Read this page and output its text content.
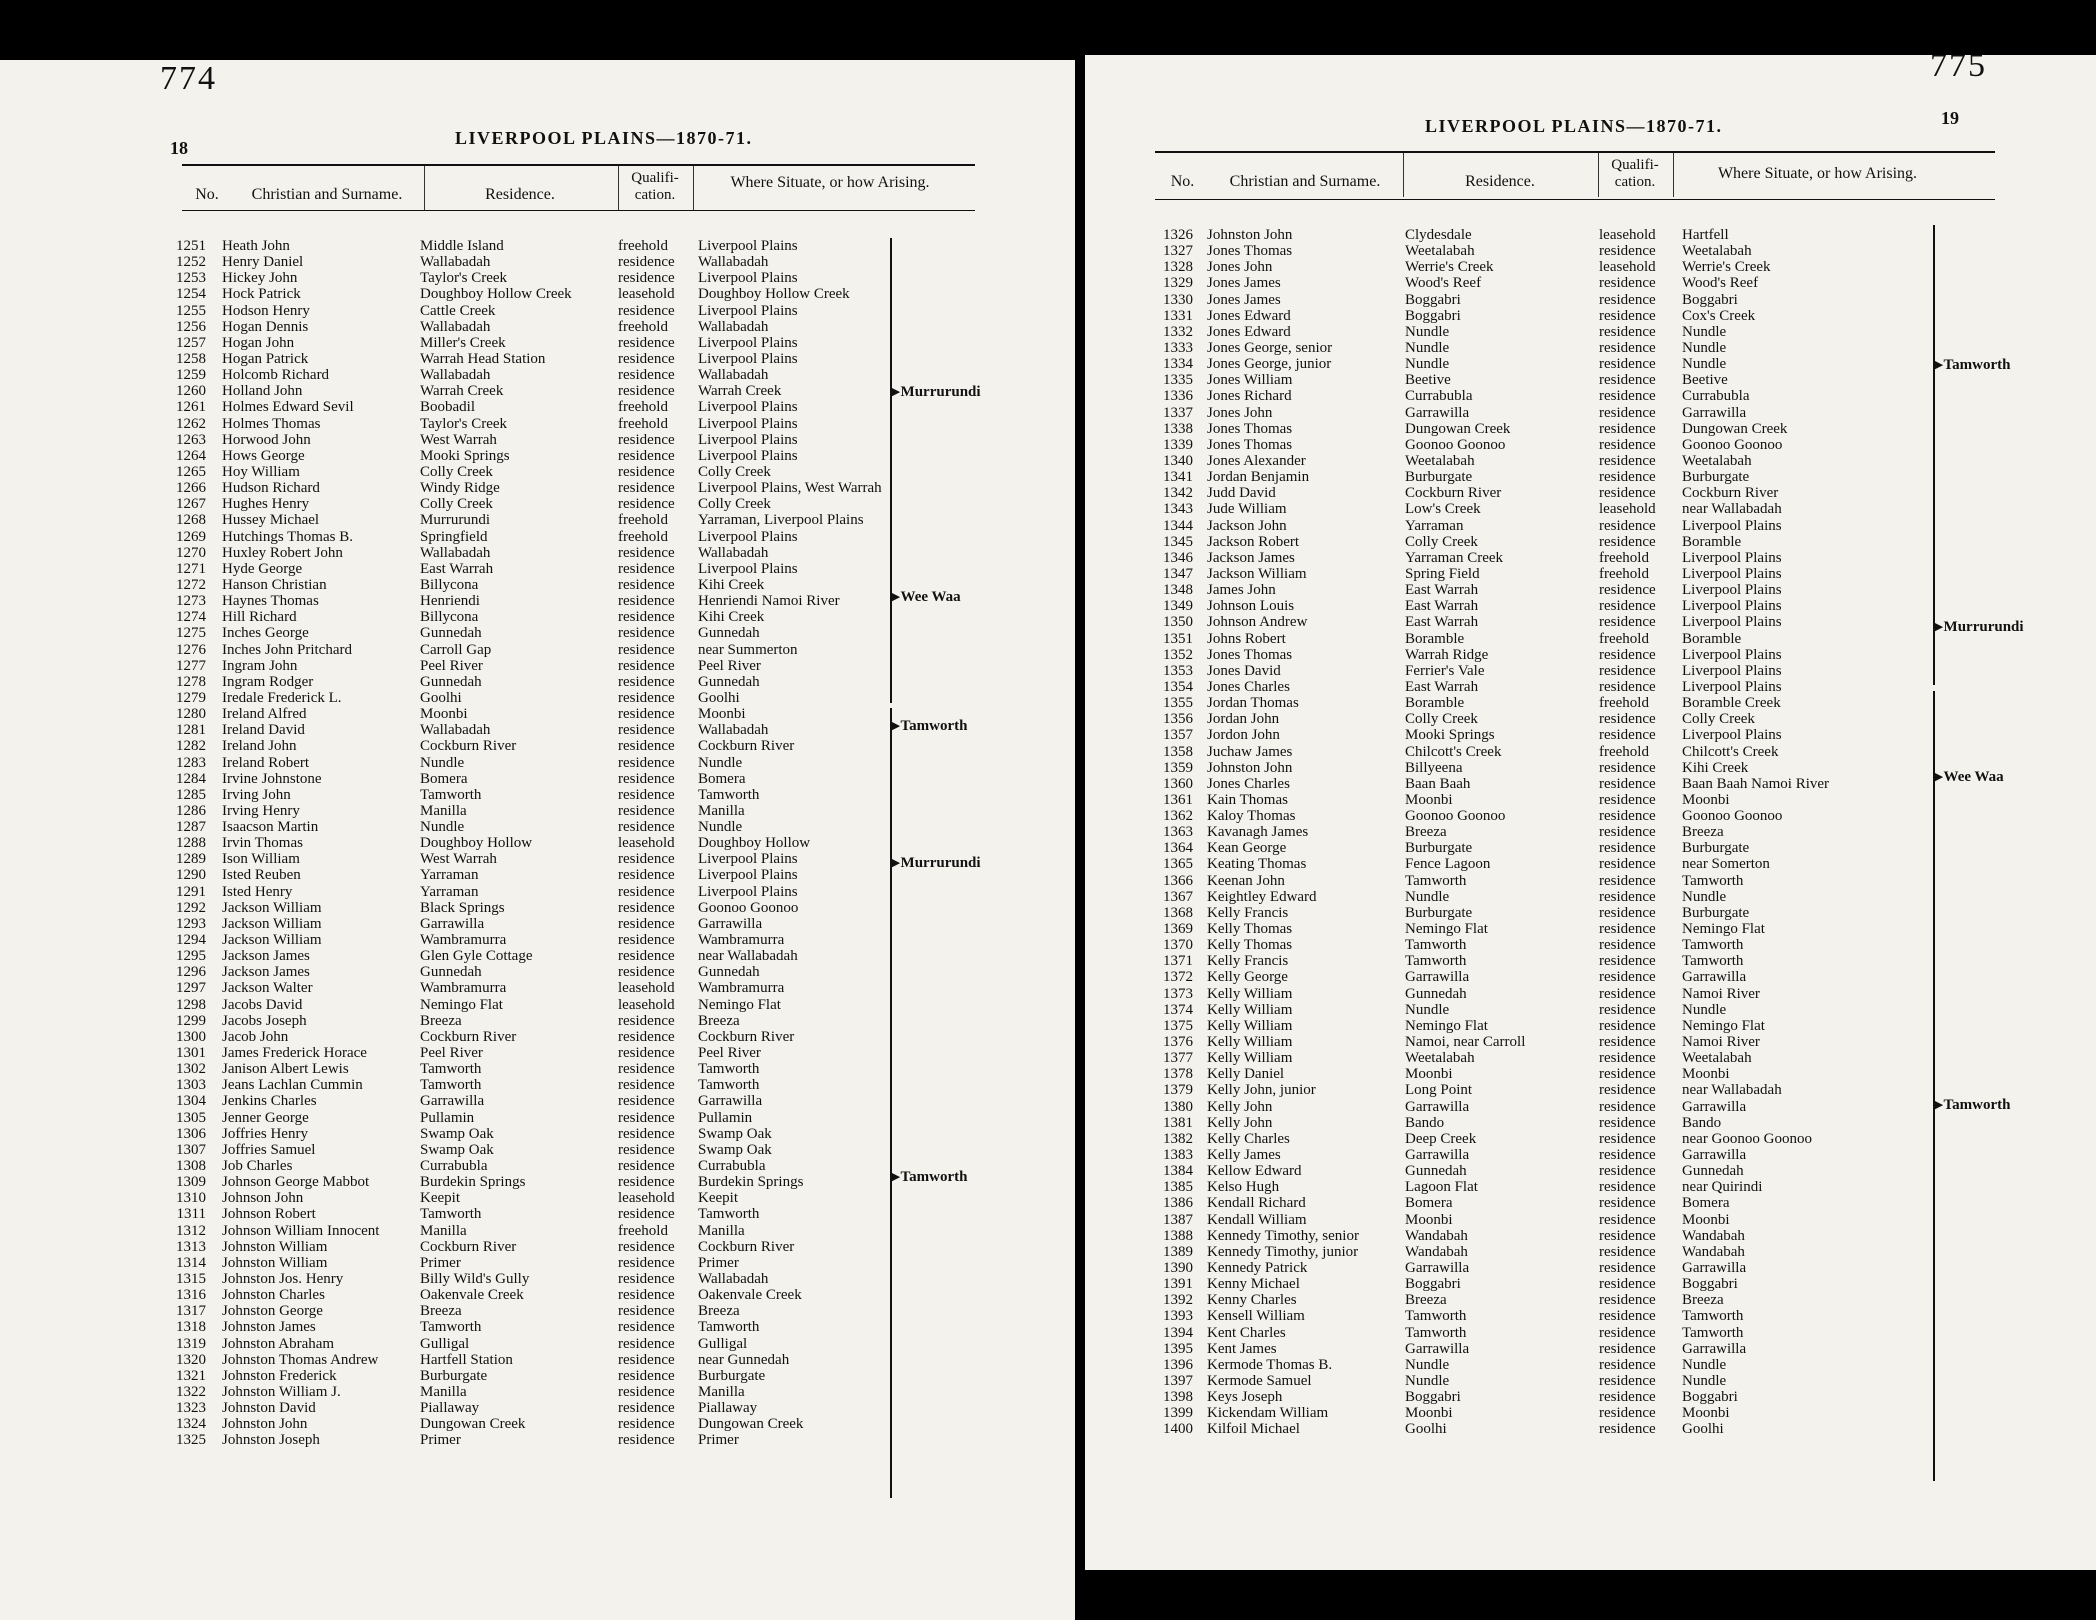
774
18	LIVERPOOL PLAINS—1870-71.
No.	Christian and Surname.	Residence.
Qualifi-cation.
Where Situate, or how Arising.
1251 Heath John	Middle Island	freehold Liverpool Plains
1252 Henry Daniel	Wallabadah	residence Wallabadah
1253 Hickey John	Taylor's Creek	residence Liverpool Plains
1254 Hock Patrick	Doughboy Hollow Creek	leasehold Doughboy Hollow Creek
1255 Hodson Henry	Cattle Creek	residence Liverpool Plains
1256 Hogan Dennis	Wallabadah	freehold Wallabadah
1257 Hogan John	Miller's Creek	residence Liverpool Plains
1258 Hogan Patrick	Warrah Head Station	residence Liverpool Plains
1259 Holcomb Richard	Wallabadah	residence Wallabadah
1260 Holland John	Warrah Creek	residence Warrah Creek
1261 Holmes Edward Sevil	Boobadil	freehold Liverpool Plains
1262 Holmes Thomas	Taylor's Creek	freehold Liverpool Plains
1263 Horwood John	West Warrah	residence Liverpool Plains
1264 Hows George	Mooki Springs	residence Liverpool Plains
1265 Hoy William	Colly Creek	residence Colly Creek
1266 Hudson Richard	Windy Ridge	residence Liverpool Plains, West Warrah
1267 Hughes Henry	Colly Creek	residence Colly Creek
1268 Hussey Michael	Murrurundi	freehold Yarraman, Liverpool Plains
1269 Hutchings Thomas B.	Springfield	freehold Liverpool Plains
1270 Huxley Robert John	Wallabadah	residence Wallabadah
1271 Hyde George	East Warrah	residence Liverpool Plains
1272 Hanson Christian	Billycona	residence Kihi Creek
1273 Haynes Thomas	Henriendi	residence Henriendi Namoi River
1274 Hill Richard	Billycona	residence Kihi Creek
1275 Inches George	Gunnedah	residence Gunnedah
1276 Inches John Pritchard	Carroll Gap	residence near Summerton
1277 Ingram John	Peel River	residence Peel River
1278 Ingram Rodger	Gunnedah	residence Gunnedah
1279 Iredale Frederick L.	Goolhi	residence Goolhi
1280 Ireland Alfred	Moonbi	residence Moonbi
1281 Ireland David	Wallabadah	residence Wallabadah
1282 Ireland John	Cockburn River	residence Cockburn River
1283 Ireland Robert	Nundle	residence Nundle
1284 Irvine Johnstone	Bomera	residence Bomera
1285 Irving John	Tamworth	residence Tamworth
1286 Irving Henry	Manilla	residence Manilla
1287 Isaacson Martin	Nundle	residence Nundle
1288 Irvin Thomas	Doughboy Hollow	leasehold Doughboy Hollow
1289 Ison William	West Warrah	residence Liverpool Plains
1290 Isted Reuben	Yarraman	residence Liverpool Plains
1291 Isted Henry	Yarraman	residence Liverpool Plains
1292 Jackson William	Black Springs	residence Goonoo Goonoo
1293 Jackson William	Garrawilla	residence Garrawilla
1294 Jackson William	Wambramurra	residence Wambramurra
1295 Jackson James	Glen Gyle Cottage	residence near Wallabadah
1296 Jackson James	Gunnedah	residence Gunnedah
1297 Jackson Walter	Wambramurra	leasehold Wambramurra
1298 Jacobs David	Nemingo Flat	leasehold Nemingo Flat
1299 Jacobs Joseph	Breeza	residence Breeza
1300 Jacob John	Cockburn River	residence Cockburn River
1301 James Frederick Horace	Peel River	residence Peel River
1302 Janison Albert Lewis	Tamworth	residence Tamworth
1303 Jeans Lachlan Cummin	Tamworth	residence Tamworth
1304 Jenkins Charles	Garrawilla	residence Garrawilla
1305 Jenner George	Pullamin	residence Pullamin
1306 Joffries Henry	Swamp Oak	residence Swamp Oak
1307 Joffries Samuel	Swamp Oak	residence Swamp Oak
1308 Job Charles	Currabubla	residence Currabubla
1309 Johnson George Mabbot	Burdekin Springs	residence Burdekin Springs
1310 Johnson John	Keepit	leasehold Keepit
1311 Johnson Robert	Tamworth	residence Tamworth
1312 Johnson William Innocent	Manilla	freehold Manilla
1313 Johnston William	Cockburn River	residence Cockburn River
1314 Johnston William	Primer	residence Primer
1315 Johnston Jos. Henry	Billy Wild's Gully	residence Wallabadah
1316 Johnston Charles	Oakenvale Creek	residence Oakenvale Creek
1317 Johnston George	Breeza	residence Breeza
1318 Johnston James	Tamworth	residence Tamworth
1319 Johnston Abraham	Gulligal	residence Gulligal
1320 Johnston Thomas Andrew	Hartfell Station	residence near Gunnedah
1321 Johnston Frederick	Burburgate	residence Burburgate
1322 Johnston William J.	Manilla	residence Manilla
1323 Johnston David	Piallaway	residence Piallaway
1324 Johnston John	Dungowan Creek	residence Dungowan Creek
1325 Johnston Joseph	Primer	residence Primer
▸ Murrurundi
▸ Wee Waa
▸ Tamworth
▸ Murrurundi
▸ Tamworth
775
19
LIVERPOOL PLAINS—1870-71.
No.	Christian and Surname.	Residence.
Qualifi-cation.	Where Situate, or how Arising.
1326 Johnston John	Clydesdale	leasehold Hartfell
1327 Jones Thomas	Weetalabah	residence Weetalabah
1328 Jones John	Werrie's Creek	leasehold Werrie's Creek
1329 Jones James	Wood's Reef	residence Wood's Reef
1330 Jones James	Boggabri	residence Boggabri
1331 Jones Edward	Boggabri	residence Cox's Creek
1332 Jones Edward	Nundle	residence Nundle
1333 Jones George, senior	Nundle	residence Nundle
1334 Jones George, junior	Nundle	residence Nundle
1335 Jones William	Beetive	residence Beetive
1336 Jones Richard	Currabubla	residence Currabubla
1337 Jones John	Garrawilla	residence Garrawilla
1338 Jones Thomas	Dungowan Creek	residence Dungowan Creek
1339 Jones Thomas	Goonoo Goonoo	residence Goonoo Goonoo
1340 Jones Alexander	Weetalabah	residence Weetalabah
1341 Jordan Benjamin	Burburgate	residence Burburgate
1342 Judd David	Cockburn River	residence Cockburn River
1343 Jude William	Low's Creek	leasehold near Wallabadah
1344 Jackson John	Yarraman	residence Liverpool Plains
1345 Jackson Robert	Colly Creek	residence Boramble
1346 Jackson James	Yarraman Creek	freehold Liverpool Plains
1347 Jackson William	Spring Field	freehold Liverpool Plains
1348 James John	East Warrah	residence Liverpool Plains
1349 Johnson Louis	East Warrah	residence Liverpool Plains
1350 Johnson Andrew	East Warrah	residence Liverpool Plains
1351 Johns Robert	Boramble	freehold Boramble
1352 Jones Thomas	Warrah Ridge	residence Liverpool Plains
1353 Jones David	Ferrier's Vale	residence Liverpool Plains
1354 Jones Charles	East Warrah	residence Liverpool Plains
1355 Jordan Thomas	Boramble	freehold Boramble Creek
1356 Jordan John	Colly Creek	residence Colly Creek
1357 Jordon John	Mooki Springs	residence Liverpool Plains
1358 Juchaw James	Chilcott's Creek	freehold Chilcott's Creek
1359 Johnston John	Billyeena	residence Kihi Creek
1360 Jones Charles	Baan Baah	residence Baan Baah Namoi River
1361 Kain Thomas	Moonbi	residence Moonbi
1362 Kaloy Thomas	Goonoo Goonoo	residence Goonoo Goonoo
1363 Kavanagh James	Breeza	residence Breeza
1364 Kean George	Burburgate	residence Burburgate
1365 Keating Thomas	Fence Lagoon	residence near Somerton
1366 Keenan John	Tamworth	residence Tamworth
1367 Keightley Edward	Nundle	residence Nundle
1368 Kelly Francis	Burburgate	residence Burburgate
1369 Kelly Thomas	Nemingo Flat	residence Nemingo Flat
1370 Kelly Thomas	Tamworth	residence Tamworth
1371 Kelly Francis	Tamworth	residence Tamworth
1372 Kelly George	Garrawilla	residence Garrawilla
1373 Kelly William	Gunnedah	residence Namoi River
1374 Kelly William	Nundle	residence Nundle
1375 Kelly William	Nemingo Flat	residence Nemingo Flat
1376 Kelly William	Namoi, near Carroll	residence Namoi River
1377 Kelly William	Weetalabah	residence Weetalabah
1378 Kelly Daniel	Moonbi	residence Moonbi
1379 Kelly John, junior	Long Point	residence near Wallabadah
1380 Kelly John	Garrawilla	residence Garrawilla
1381 Kelly John	Bando	residence Bando
1382 Kelly Charles	Deep Creek	residence near Goonoo Goonoo
1383 Kelly James	Garrawilla	residence Garrawilla
1384 Kellow Edward	Gunnedah	residence Gunnedah
1385 Kelso Hugh	Lagoon Flat	residence near Quirindi
1386 Kendall Richard	Bomera	residence Bomera
1387 Kendall William	Moonbi	residence Moonbi
1388 Kennedy Timothy, senior	Wandabah	residence Wandabah
1389 Kennedy Timothy, junior	Wandabah	residence Wandabah
1390 Kennedy Patrick	Garrawilla	residence Garrawilla
1391 Kenny Michael	Boggabri	residence Boggabri
1392 Kenny Charles	Breeza	residence Breeza
1393 Kensell William	Tamworth	residence Tamworth
1394 Kent Charles	Tamworth	residence Tamworth
1395 Kent James	Garrawilla	residence Garrawilla
1396 Kermode Thomas B.	Nundle	residence Nundle
1397 Kermode Samuel	Nundle	residence Nundle
1398 Keys Joseph	Boggabri	residence Boggabri
1399 Kickendam William	Moonbi	residence Moonbi
1400 Kilfoil Michael	Goolhi	residence Goolhi
▸ Tamworth
▸ Murrurundi
▸ Wee Waa
▸ Tamworth
